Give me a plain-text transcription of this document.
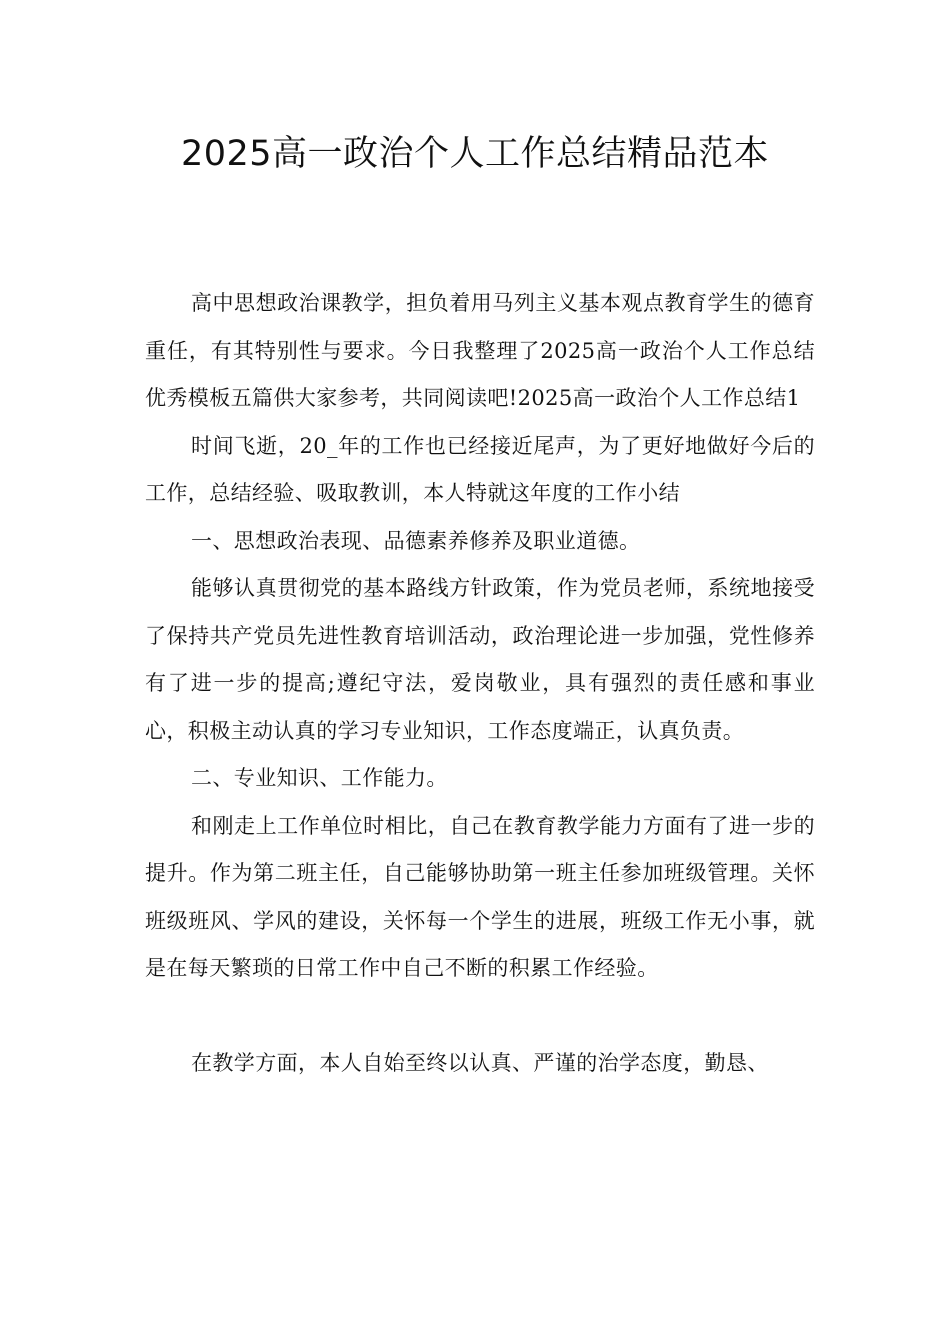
2025高一政治个人工作总结精品范本

高中思想政治课教学，担负着用马列主义基本观点教育学生的德育重任，有其特别性与要求。今日我整理了2025高一政治个人工作总结优秀模板五篇供大家参考，共同阅读吧!2025高一政治个人工作总结1

时间飞逝，20_年的工作也已经接近尾声，为了更好地做好今后的工作，总结经验、吸取教训，本人特就这年度的工作小结

一、思想政治表现、品德素养修养及职业道德。

能够认真贯彻党的基本路线方针政策，作为党员老师，系统地接受了保持共产党员先进性教育培训活动，政治理论进一步加强，党性修养有了进一步的提高;遵纪守法，爱岗敬业，具有强烈的责任感和事业心，积极主动认真的学习专业知识，工作态度端正，认真负责。

二、专业知识、工作能力。

和刚走上工作单位时相比，自己在教育教学能力方面有了进一步的提升。作为第二班主任，自己能够协助第一班主任参加班级管理。关怀班级班风、学风的建设，关怀每一个学生的进展，班级工作无小事，就是在每天繁琐的日常工作中自己不断的积累工作经验。

在教学方面，本人自始至终以认真、严谨的治学态度，勤恳、
